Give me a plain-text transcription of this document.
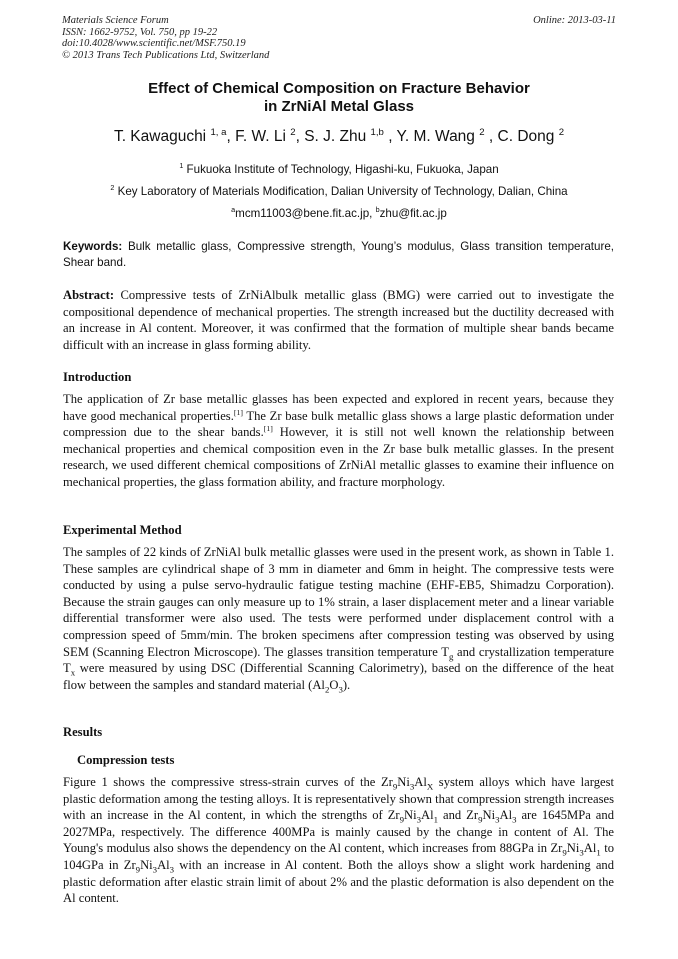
Materials Science Forum
ISSN: 1662-9752, Vol. 750, pp 19-22
doi:10.4028/www.scientific.net/MSF.750.19
© 2013 Trans Tech Publications Ltd, Switzerland
Online: 2013-03-11
Effect of Chemical Composition on Fracture Behavior
in ZrNiAl Metal Glass
T. Kawaguchi $^{1, a}$, F. W. Li $^2$, S. J. Zhu $^{1,b}$ , Y. M. Wang $^2$ , C. Dong $^2$
$^1$ Fukuoka Institute of Technology, Higashi-ku, Fukuoka, Japan
$^2$ Key Laboratory of Materials Modification, Dalian University of Technology, Dalian, China
$^a$mcm11003@bene.fit.ac.jp, $^b$zhu@fit.ac.jp
Keywords: Bulk metallic glass, Compressive strength, Young’s modulus, Glass transition temperature, Shear band.
Abstract: Compressive tests of ZrNiAlbulk metallic glass (BMG) were carried out to investigate the compositional dependence of mechanical properties. The strength increased but the ductility decreased with an increase in Al content. Moreover, it was confirmed that the formation of multiple shear bands became difficult with an increase in glass forming ability.
Introduction
The application of Zr base metallic glasses has been expected and explored in recent years, because they have good mechanical properties.[1] The Zr base bulk metallic glass shows a large plastic deformation under compression due to the shear bands.[1] However, it is still not well known the relationship between mechanical properties and chemical composition even in the Zr base bulk metallic glasses. In the present research, we used different chemical compositions of ZrNiAl metallic glasses to examine their influence on mechanical properties, the glass formation ability, and fracture morphology.
Experimental Method
The samples of 22 kinds of ZrNiAl bulk metallic glasses were used in the present work, as shown in Table 1. These samples are cylindrical shape of 3 mm in diameter and 6mm in height. The compressive tests were conducted by using a pulse servo-hydraulic fatigue testing machine (EHF-EB5, Shimadzu Corporation). Because the strain gauges can only measure up to 1% strain, a laser displacement meter and a linear variable differential transformer were also used. The tests were performed under displacement control with a compression speed of 5mm/min. The broken specimens after compression testing was observed by using SEM (Scanning Electron Microscope). The glasses transition temperature $T_g$ and crystallization temperature $T_x$ were measured by using DSC (Differential Scanning Calorimetry), based on the difference of the heat flow between the samples and standard material $(Al_2O_3)$.
Results
Compression tests
Figure 1 shows the compressive stress-strain curves of the $Zr_9Ni_3Al_X$ system alloys which have largest plastic deformation among the testing alloys. It is representatively shown that compression strength increases with an increase in the Al content, in which the strengths of $Zr_9Ni_3Al_1$ and $Zr_9Ni_3Al_3$ are 1645MPa and 2027MPa, respectively. The difference 400MPa is mainly caused by the change in content of Al. The Young's modulus also shows the dependency on the Al content, which increases from 88GPa in $Zr_9Ni_3Al_1$ to 104GPa in $Zr_9Ni_3Al_3$ with an increase in Al content. Both the alloys show a slight work hardening and plastic deformation after elastic strain limit of about 2% and the plastic deformation is also dependent on the Al content.
